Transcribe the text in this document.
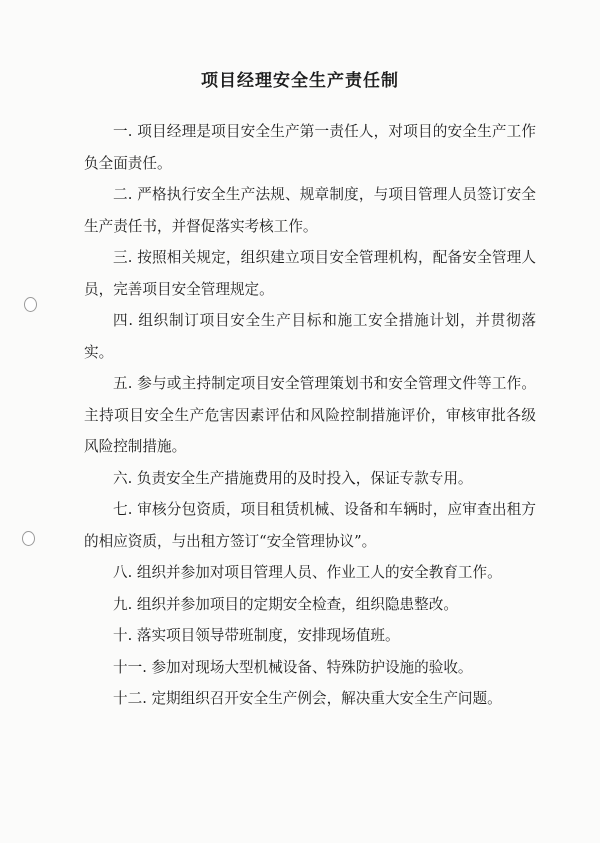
项目经理安全生产责任制
一. 项目经理是项目安全生产第一责任人，对项目的安全生产工作负全面责任。
二. 严格执行安全生产法规、规章制度，与项目管理人员签订安全生产责任书，并督促落实考核工作。
三. 按照相关规定，组织建立项目安全管理机构，配备安全管理人员，完善项目安全管理规定。
四. 组织制订项目安全生产目标和施工安全措施计划，并贯彻落实。
五. 参与或主持制定项目安全管理策划书和安全管理文件等工作。主持项目安全生产危害因素评估和风险控制措施评价，审核审批各级风险控制措施。
六. 负责安全生产措施费用的及时投入，保证专款专用。
七. 审核分包资质，项目租赁机械、设备和车辆时，应审查出租方的相应资质，与出租方签订“安全管理协议”。
八. 组织并参加对项目管理人员、作业工人的安全教育工作。
九. 组织并参加项目的定期安全检查，组织隐患整改。
十. 落实项目领导带班制度，安排现场值班。
十一. 参加对现场大型机械设备、特殊防护设施的验收。
十二. 定期组织召开安全生产例会，解决重大安全生产问题。
